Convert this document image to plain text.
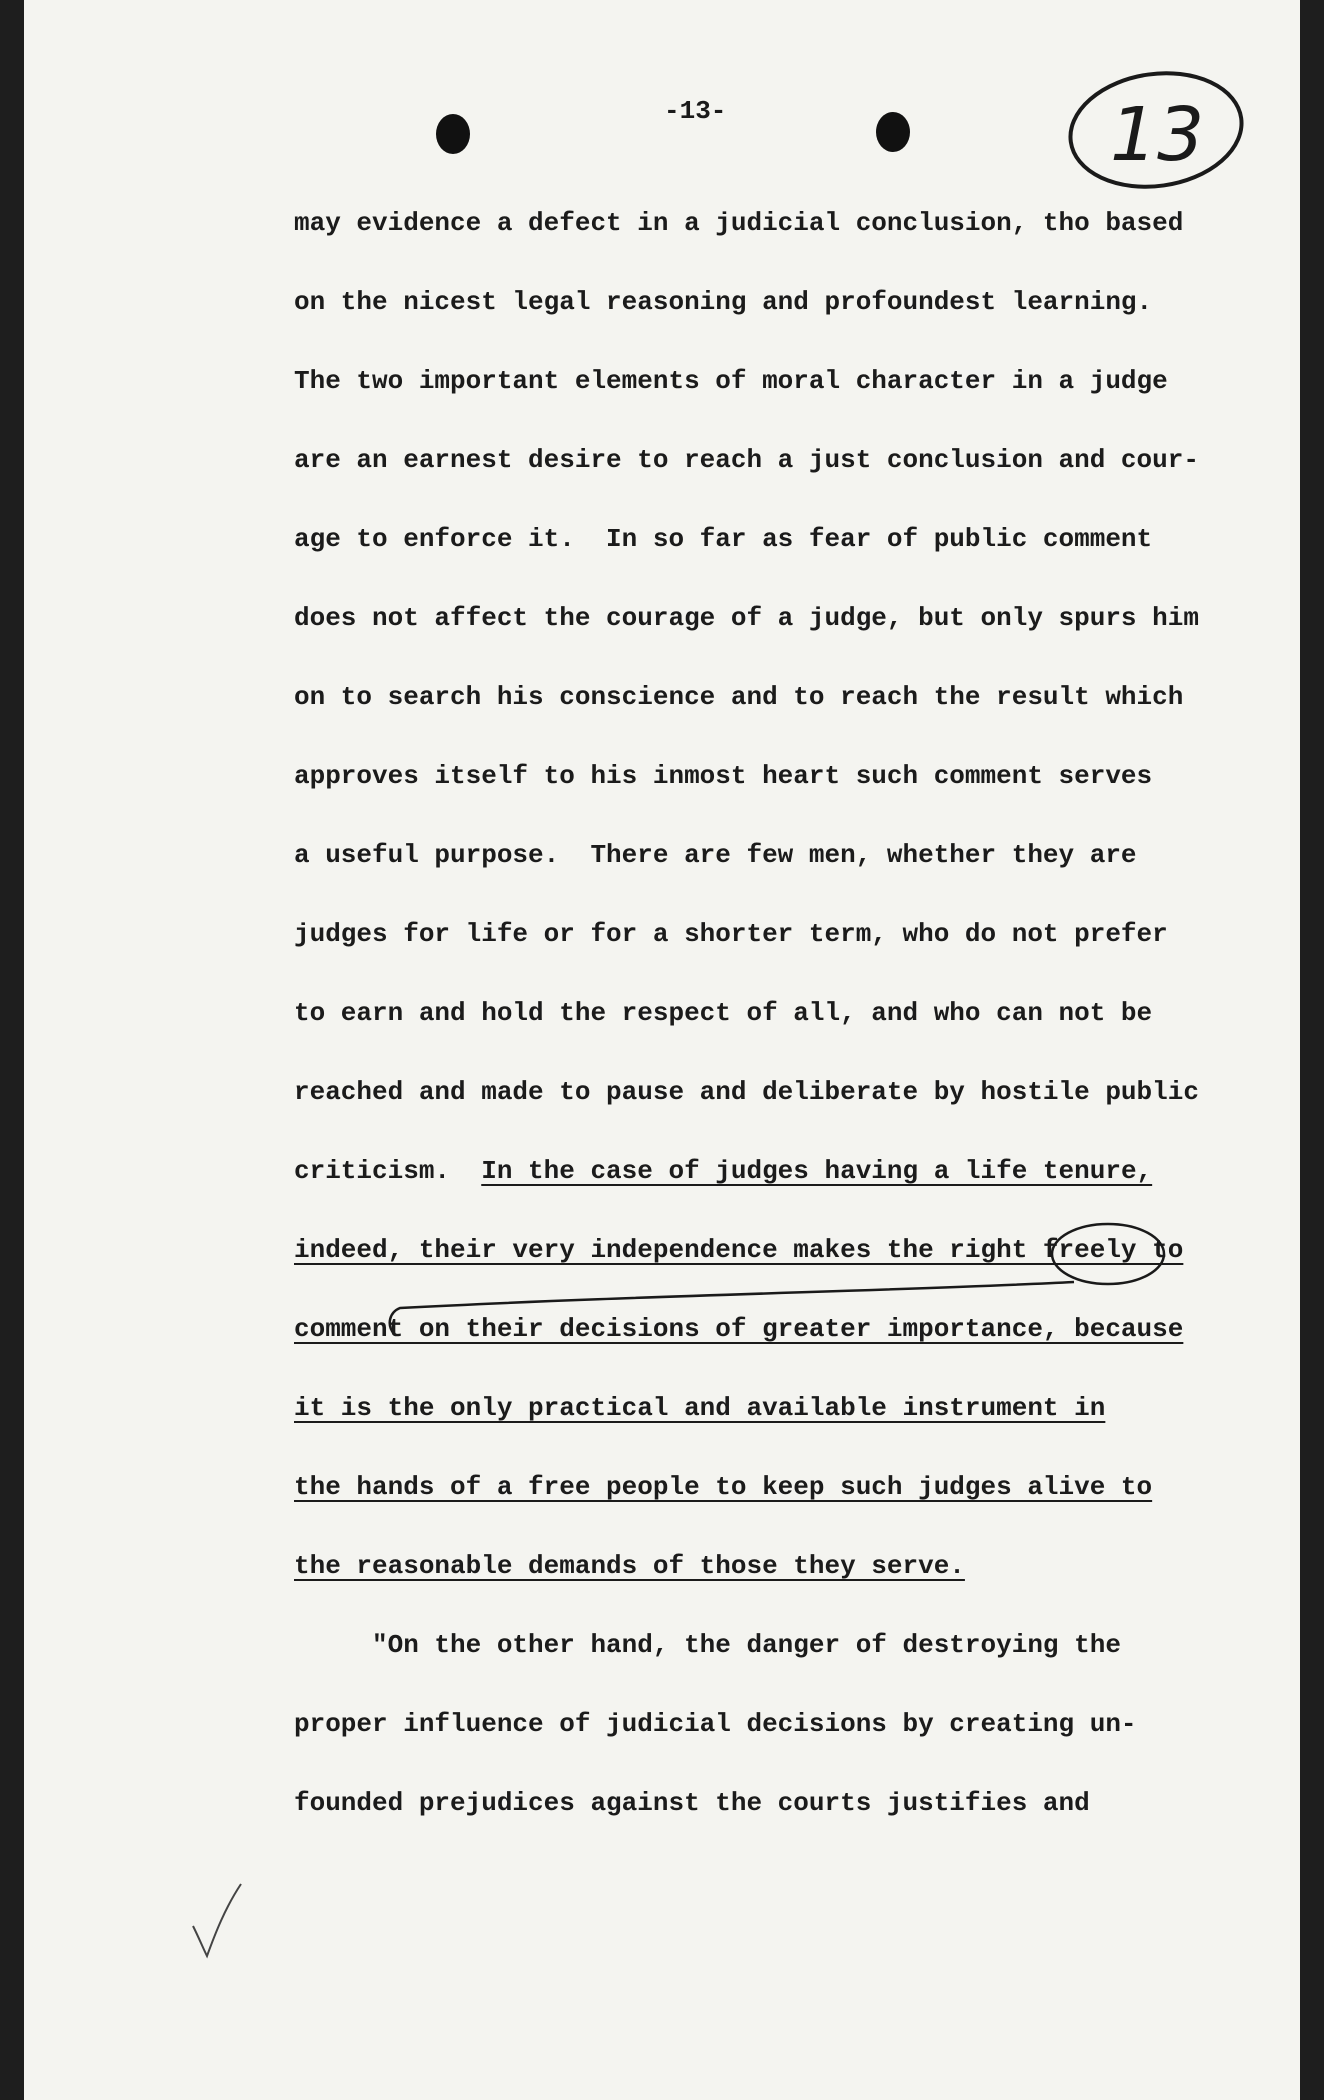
-13-	13
may evidence a defect in a judicial conclusion, tho based
on the nicest legal reasoning and profoundest learning.
The two important elements of moral character in a judge
are an earnest desire to reach a just conclusion and cour-
age to enforce it.  In so far as fear of public comment
does not affect the courage of a judge, but only spurs him
on to search his conscience and to reach the result which
approves itself to his inmost heart such comment serves
a useful purpose.  There are few men, whether they are
judges for life or for a shorter term, who do not prefer
to earn and hold the respect of all, and who can not be
reached and made to pause and deliberate by hostile public
criticism.  In the case of judges having a life tenure,
indeed, their very independence makes the right freely to
comment on their decisions of greater importance, because
it is the only practical and available instrument in
the hands of a free people to keep such judges alive to
the reasonable demands of those they serve.
"On the other hand, the danger of destroying the
proper influence of judicial decisions by creating un-
founded prejudices against the courts justifies and
